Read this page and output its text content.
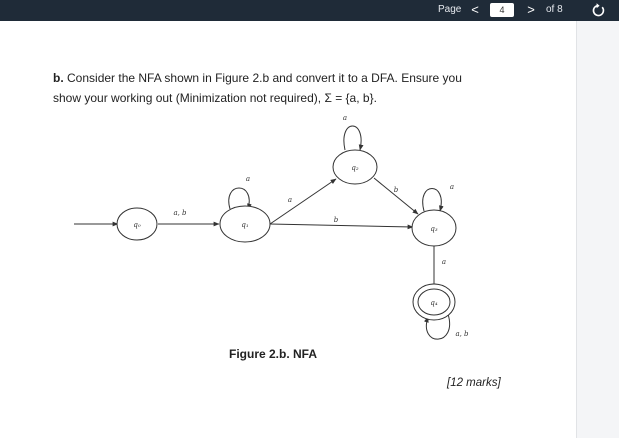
Page <
4	>	of 8
b. Consider the NFA shown in Figure 2.b and convert it to a DFA. Ensure you
show your working out (Minimization not required), Σ = {a, b}.
q₀	q₁
q₂
q₃
q₄
a, b
a
a
b
a
b	a
a
a, b
Figure 2.b. NFA
[12 marks]
